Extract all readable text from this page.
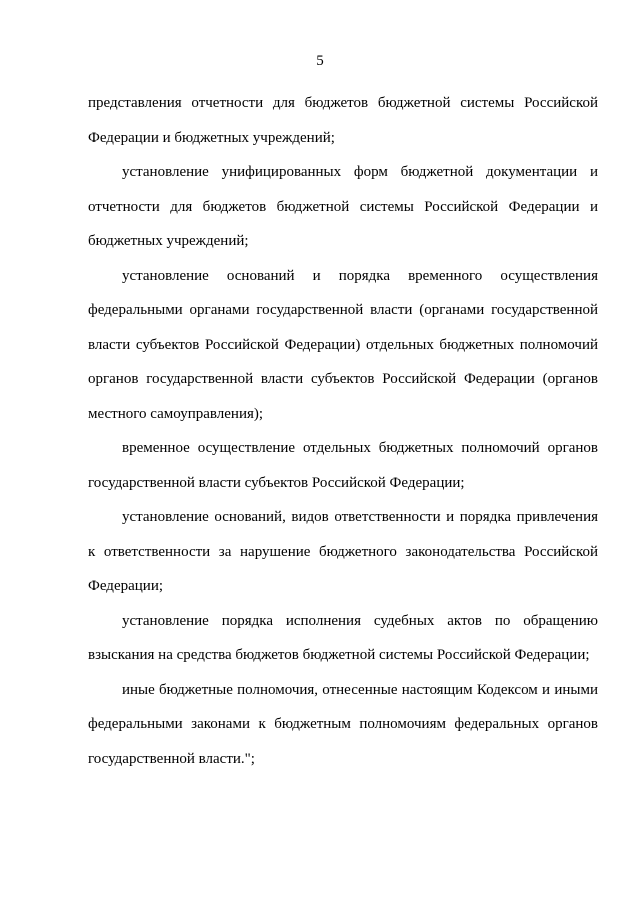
5

представления отчетности для бюджетов бюджетной системы Российской Федерации и бюджетных учреждений;

установление унифицированных форм бюджетной документации и отчетности для бюджетов бюджетной системы Российской Федерации и бюджетных учреждений;

установление оснований и порядка временного осуществления федеральными органами государственной власти (органами государственной власти субъектов Российской Федерации) отдельных бюджетных полномочий органов государственной власти субъектов Российской Федерации (органов местного самоуправления);

временное осуществление отдельных бюджетных полномочий органов государственной власти субъектов Российской Федерации;

установление оснований, видов ответственности и порядка привлечения к ответственности за нарушение бюджетного законодательства Российской Федерации;

установление порядка исполнения судебных актов по обращению взыскания на средства бюджетов бюджетной системы Российской Федерации;

иные бюджетные полномочия, отнесенные настоящим Кодексом и иными федеральными законами к бюджетным полномочиям федеральных органов государственной власти.";
